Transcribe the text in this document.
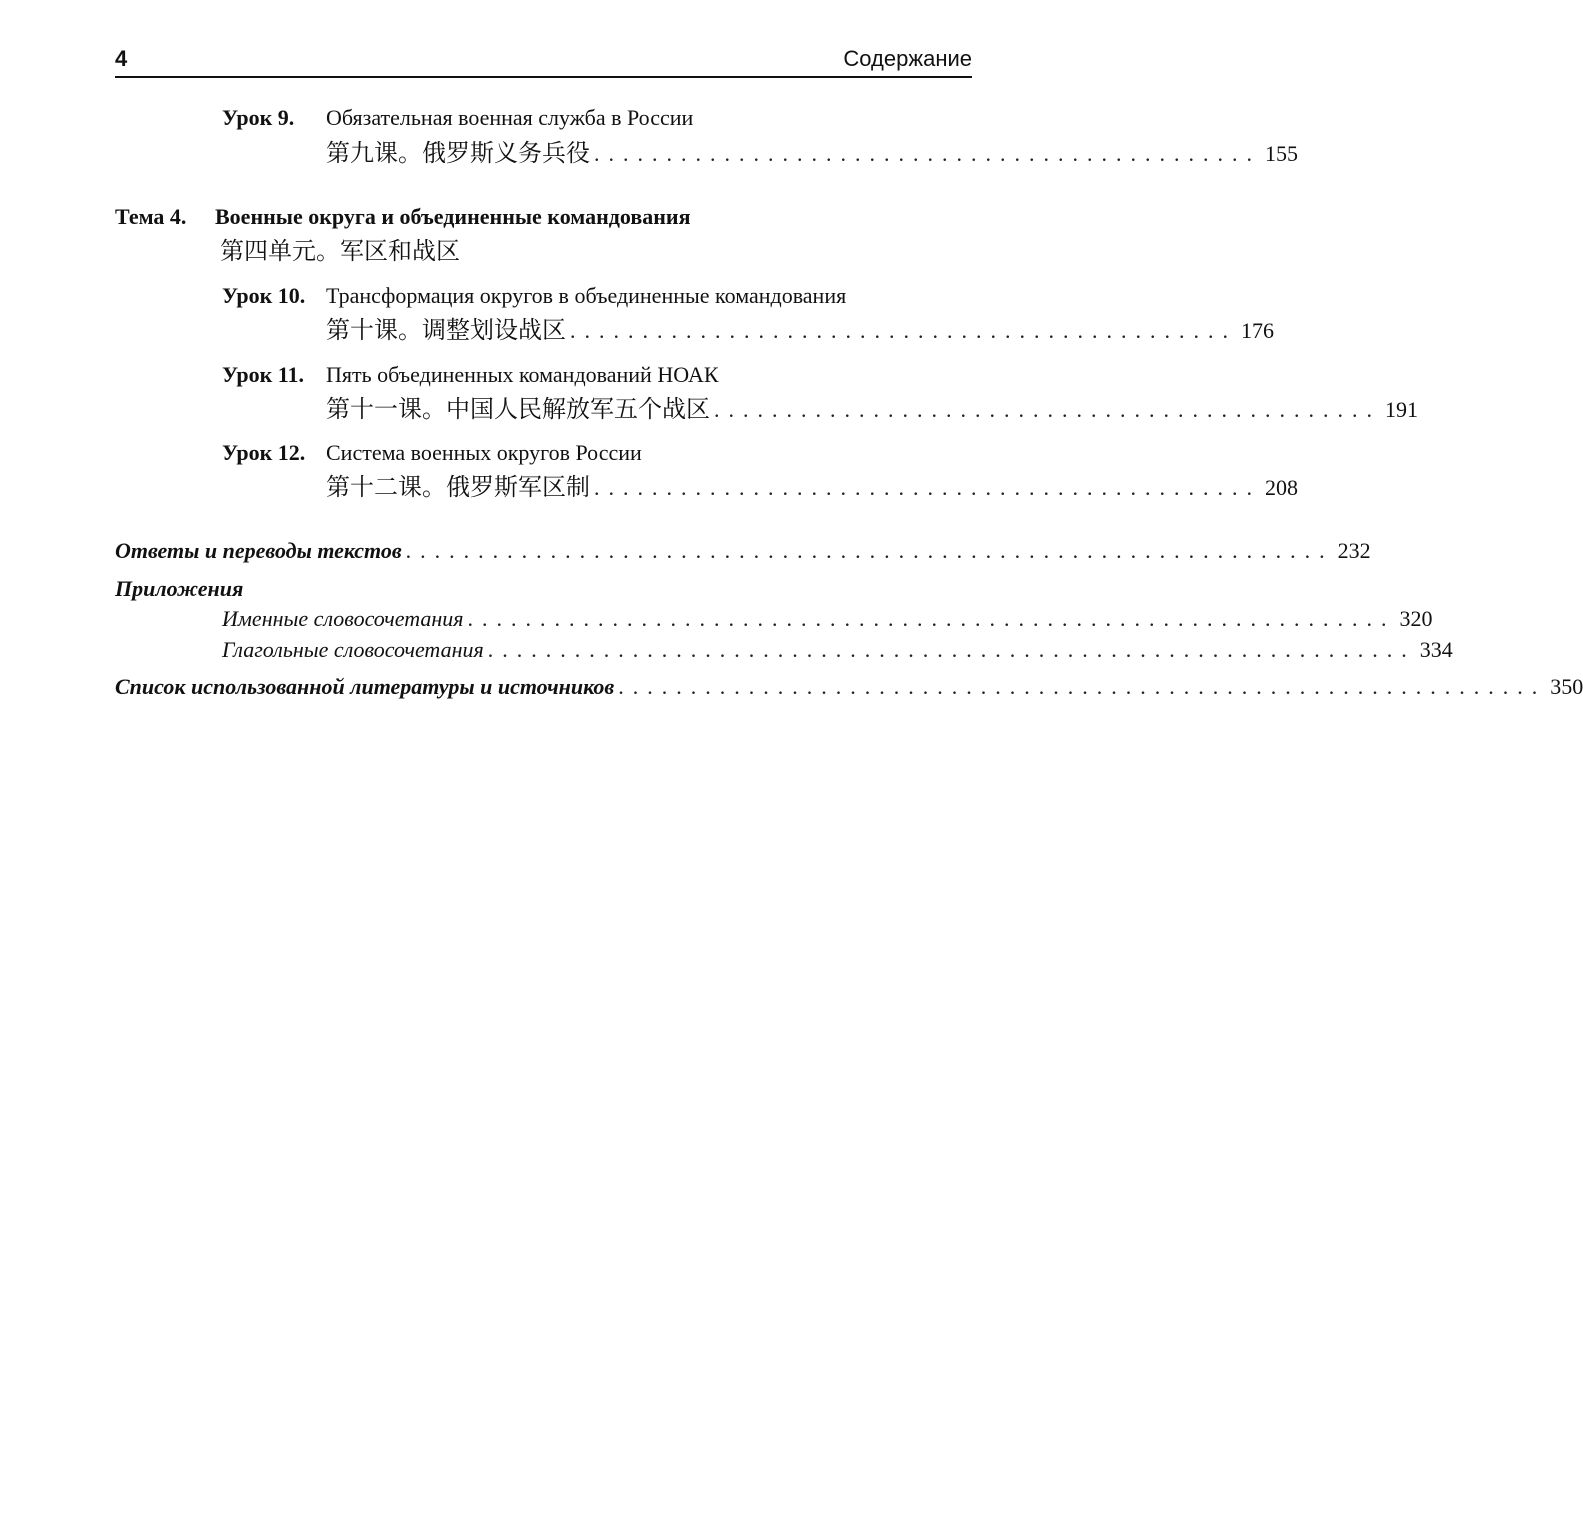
4	Содержание
Урок 9. Обязательная военная служба в России
第九课。俄罗斯义务兵役 .............................................. 155
Тема 4. Военные округа и объединенные командования
第四单元。军区和战区
Урок 10. Трансформация округов в объединенные командования
第十课。调整划设战区 .............................................. 176
Урок 11. Пять объединенных командований НОАК
第十一课。中国人民解放军五个战区 .............................................. 191
Урок 12. Система военных округов России
第十二课。俄罗斯军区制 .............................................. 208
Ответы и переводы текстов ................................................................ 232
Приложения
Именные словосочетания ................................................................ 320
Глагольные словосочетания ................................................................ 334
Список использованной литературы и источников ................................................................ 350
